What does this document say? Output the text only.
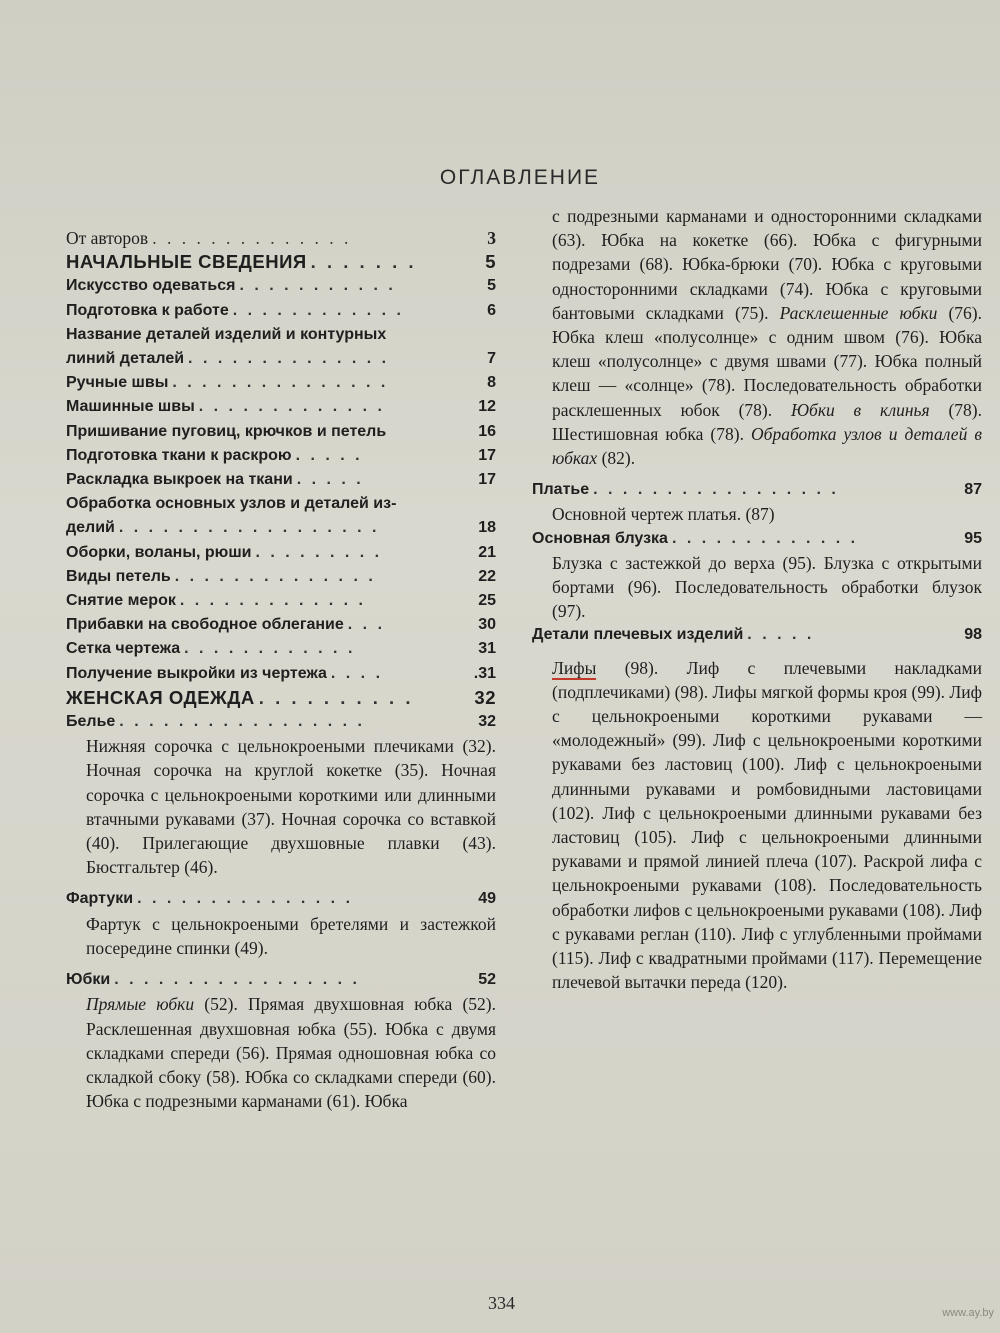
ОГЛАВЛЕНИЕ
От авторов . . . . . . . . . . . . . .	3
НАЧАЛЬНЫЕ СВЕДЕНИЯ . . . . . . .	5
Искусство одеваться . . . . . . . . . . .	5
Подготовка к работе . . . . . . . . . . . .	6
Название деталей изделий и контурных
линий деталей . . . . . . . . . . . . . .	7
Ручные швы . . . . . . . . . . . . . . .	8
Машинные швы . . . . . . . . . . . . .	12
Пришивание пуговиц, крючков и петель	16
Подготовка ткани к раскрою . . . . .	17
Раскладка выкроек на ткани . . . . .	17
Обработка основных узлов и деталей из-
делий . . . . . . . . . . . . . . . . . .	18
Оборки, воланы, рюши . . . . . . . . .	21
Виды петель . . . . . . . . . . . . . .	22
Снятие мерок . . . . . . . . . . . . .	25
Прибавки на свободное облегание . . .	30
Сетка чертежа . . . . . . . . . . . .	31
Получение выкройки из чертежа . . . .	.31
ЖЕНСКАЯ ОДЕЖДА . . . . . . . . . .	32
Белье . . . . . . . . . . . . . . . . .	32
Нижняя сорочка с цельнокроеными плечиками (32). Ночная сорочка на круглой кокетке (35). Ночная сорочка с цельнокроеными короткими или длинными втачными рукавами (37). Ночная сорочка со вставкой (40). Прилегающие двухшовные плавки (43). Бюстгальтер (46).
Фартуки . . . . . . . . . . . . . . .	49
Фартук с цельнокроеными бретелями и застежкой посередине спинки (49).
Юбки . . . . . . . . . . . . . . . . .	52
Прямые юбки (52). Прямая двухшовная юбка (52). Расклешенная двухшовная юбка (55). Юбка с двумя складками спереди (56). Прямая одношовная юбка со складкой сбоку (58). Юбка со складками спереди (60). Юбка с подрезными карманами (61). Юбка
с подрезными карманами и односторонними складками (63). Юбка на кокетке (66). Юбка с фигурными подрезами (68). Юбка-брюки (70). Юбка с круговыми односторонними складками (74). Юбка с круговыми бантовыми складками (75). Расклешенные юбки (76). Юбка клеш «полусолнце» с одним швом (76). Юбка клеш «полусолнце» с двумя швами (77). Юбка полный клеш — «солнце» (78). Последовательность обработки расклешенных юбок (78). Юбки в клинья (78). Шестишовная юбка (78). Обработка узлов и деталей в юбках (82).
Платье . . . . . . . . . . . . . . . . .	87
Основной чертеж платья. (87)
Основная блузка . . . . . . . . . . . . .	95
Блузка с застежкой до верха (95). Блузка с открытыми бортами (96). Последовательность обработки блузок (97).
Детали плечевых изделий . . . . .	98
Лифы (98). Лиф с плечевыми накладками (подплечиками) (98). Лифы мягкой формы кроя (99). Лиф с цельнокроеными короткими рукавами — «молодежный» (99). Лиф с цельнокроеными короткими рукавами без ластовиц (100). Лиф с цельнокроеными длинными рукавами и ромбовидными ластовицами (102). Лиф с цельнокроеными длинными рукавами без ластовиц (105). Лиф с цельнокроеными длинными рукавами и прямой линией плеча (107). Раскрой лифа с цельнокроеными рукавами (108). Последовательность обработки лифов с цельнокроеными рукавами (108). Лиф с рукавами реглан (110). Лиф с углубленными проймами (115). Лиф с квадратными проймами (117). Перемещение плечевой вытачки переда (120).
334	www.ay.by
